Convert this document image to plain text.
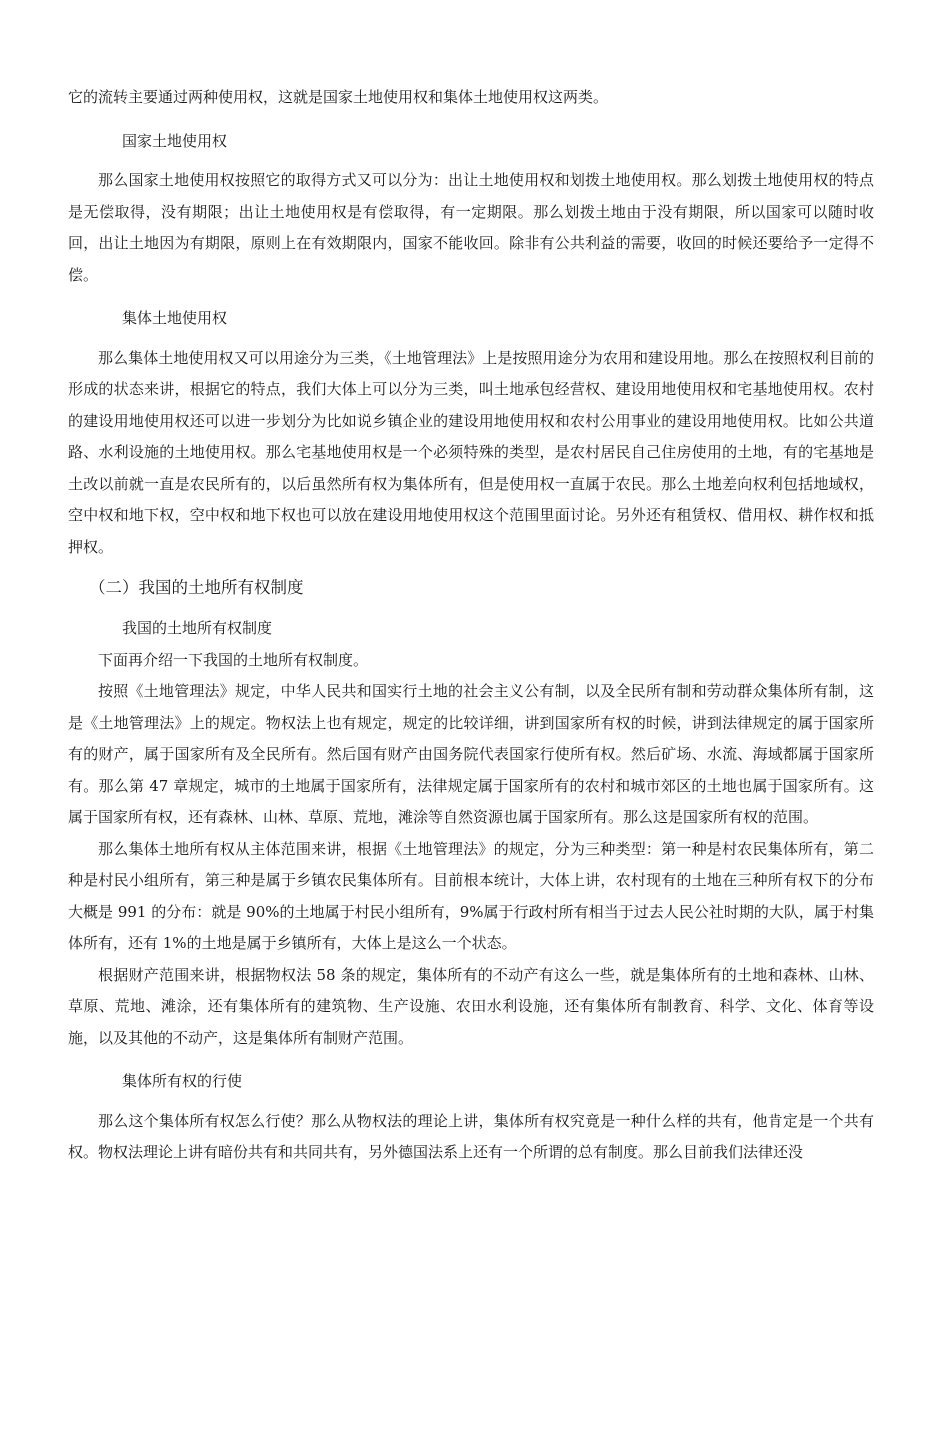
它的流转主要通过两种使用权，这就是国家土地使用权和集体土地使用权这两类。

国家土地使用权

那么国家土地使用权按照它的取得方式又可以分为：出让土地使用权和划拨土地使用权。那么划拨土地使用权的特点是无偿取得，没有期限；出让土地使用权是有偿取得，有一定期限。那么划拨土地由于没有期限，所以国家可以随时收回，出让土地因为有期限，原则上在有效期限内，国家不能收回。除非有公共利益的需要，收回的时候还要给予一定得不偿。

集体土地使用权

那么集体土地使用权又可以用途分为三类，《土地管理法》上是按照用途分为农用和建设用地。那么在按照权利目前的形成的状态来讲，根据它的特点，我们大体上可以分为三类，叫土地承包经营权、建设用地使用权和宅基地使用权。农村的建设用地使用权还可以进一步划分为比如说乡镇企业的建设用地使用权和农村公用事业的建设用地使用权。比如公共道路、水利设施的土地使用权。那么宅基地使用权是一个必须特殊的类型，是农村居民自己住房使用的土地，有的宅基地是土改以前就一直是农民所有的，以后虽然所有权为集体所有，但是使用权一直属于农民。那么土地差向权利包括地域权，空中权和地下权，空中权和地下权也可以放在建设用地使用权这个范围里面讨论。另外还有租赁权、借用权、耕作权和抵押权。

（二）我国的土地所有权制度

我国的土地所有权制度

下面再介绍一下我国的土地所有权制度。

按照《土地管理法》规定，中华人民共和国实行土地的社会主义公有制，以及全民所有制和劳动群众集体所有制，这是《土地管理法》上的规定。物权法上也有规定，规定的比较详细，讲到国家所有权的时候，讲到法律规定的属于国家所有的财产，属于国家所有及全民所有。然后国有财产由国务院代表国家行使所有权。然后矿场、水流、海域都属于国家所有。那么第 47 章规定，城市的土地属于国家所有，法律规定属于国家所有的农村和城市郊区的土地也属于国家所有。这属于国家所有权，还有森林、山林、草原、荒地，滩涂等自然资源也属于国家所有。那么这是国家所有权的范围。

那么集体土地所有权从主体范围来讲，根据《土地管理法》的规定，分为三种类型：第一种是村农民集体所有，第二种是村民小组所有，第三种是属于乡镇农民集体所有。目前根本统计，大体上讲，农村现有的土地在三种所有权下的分布大概是 991 的分布：就是 90%的土地属于村民小组所有，9%属于行政村所有相当于过去人民公社时期的大队，属于村集体所有，还有 1%的土地是属于乡镇所有，大体上是这么一个状态。

根据财产范围来讲，根据物权法 58 条的规定，集体所有的不动产有这么一些，就是集体所有的土地和森林、山林、草原、荒地、滩涂，还有集体所有的建筑物、生产设施、农田水利设施，还有集体所有制教育、科学、文化、体育等设施，以及其他的不动产，这是集体所有制财产范围。

集体所有权的行使

那么这个集体所有权怎么行使？那么从物权法的理论上讲，集体所有权究竟是一种什么样的共有，他肯定是一个共有权。物权法理论上讲有暗份共有和共同共有，另外德国法系上还有一个所谓的总有制度。那么目前我们法律还没
